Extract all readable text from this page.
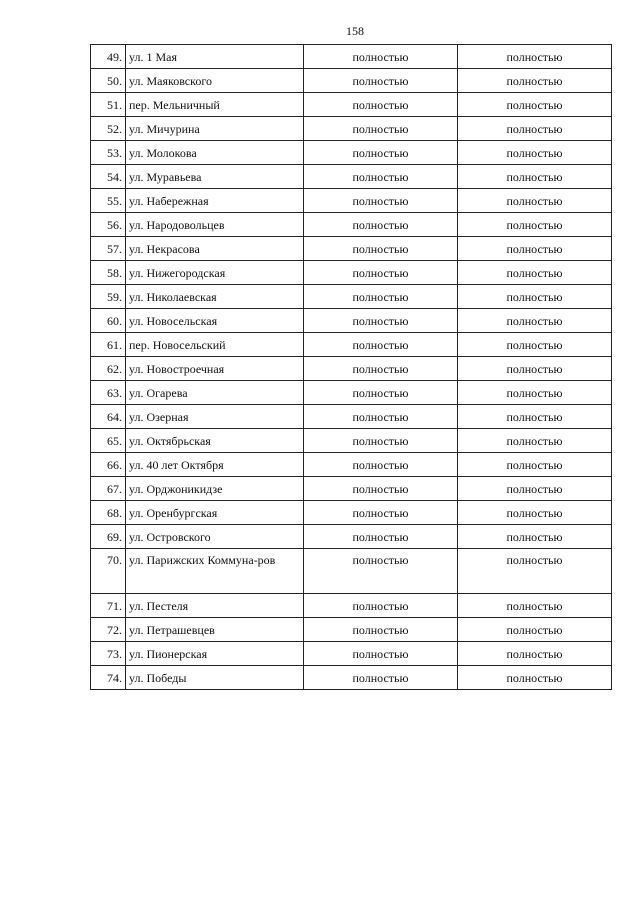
158
49.	ул. 1 Мая	полностью	полностью
50.	ул. Маяковского	полностью	полностью
51.	пер. Мельничный	полностью	полностью
52.	ул. Мичурина	полностью	полностью
53.	ул. Молокова	полностью	полностью
54.	ул. Муравьева	полностью	полностью
55.	ул. Набережная	полностью	полностью
56.	ул. Народовольцев	полностью	полностью
57.	ул. Некрасова	полностью	полностью
58.	ул. Нижегородская	полностью	полностью
59.	ул. Николаевская	полностью	полностью
60.	ул. Новосельская	полностью	полностью
61.	пер. Новосельский	полностью	полностью
62.	ул. Новостроечная	полностью	полностью
63.	ул. Огарева	полностью	полностью
64.	ул. Озерная	полностью	полностью
65.	ул. Октябрьская	полностью	полностью
66.	ул. 40 лет Октября	полностью	полностью
67.	ул. Орджоникидзе	полностью	полностью
68.	ул. Оренбургская	полностью	полностью
69.	ул. Островского	полностью	полностью
70.	ул. Парижских Коммуна-ров	полностью	полностью
71.	ул. Пестеля	полностью	полностью
72.	ул. Петрашевцев	полностью	полностью
73.	ул. Пионерская	полностью	полностью
74.	ул. Победы	полностью	полностью
